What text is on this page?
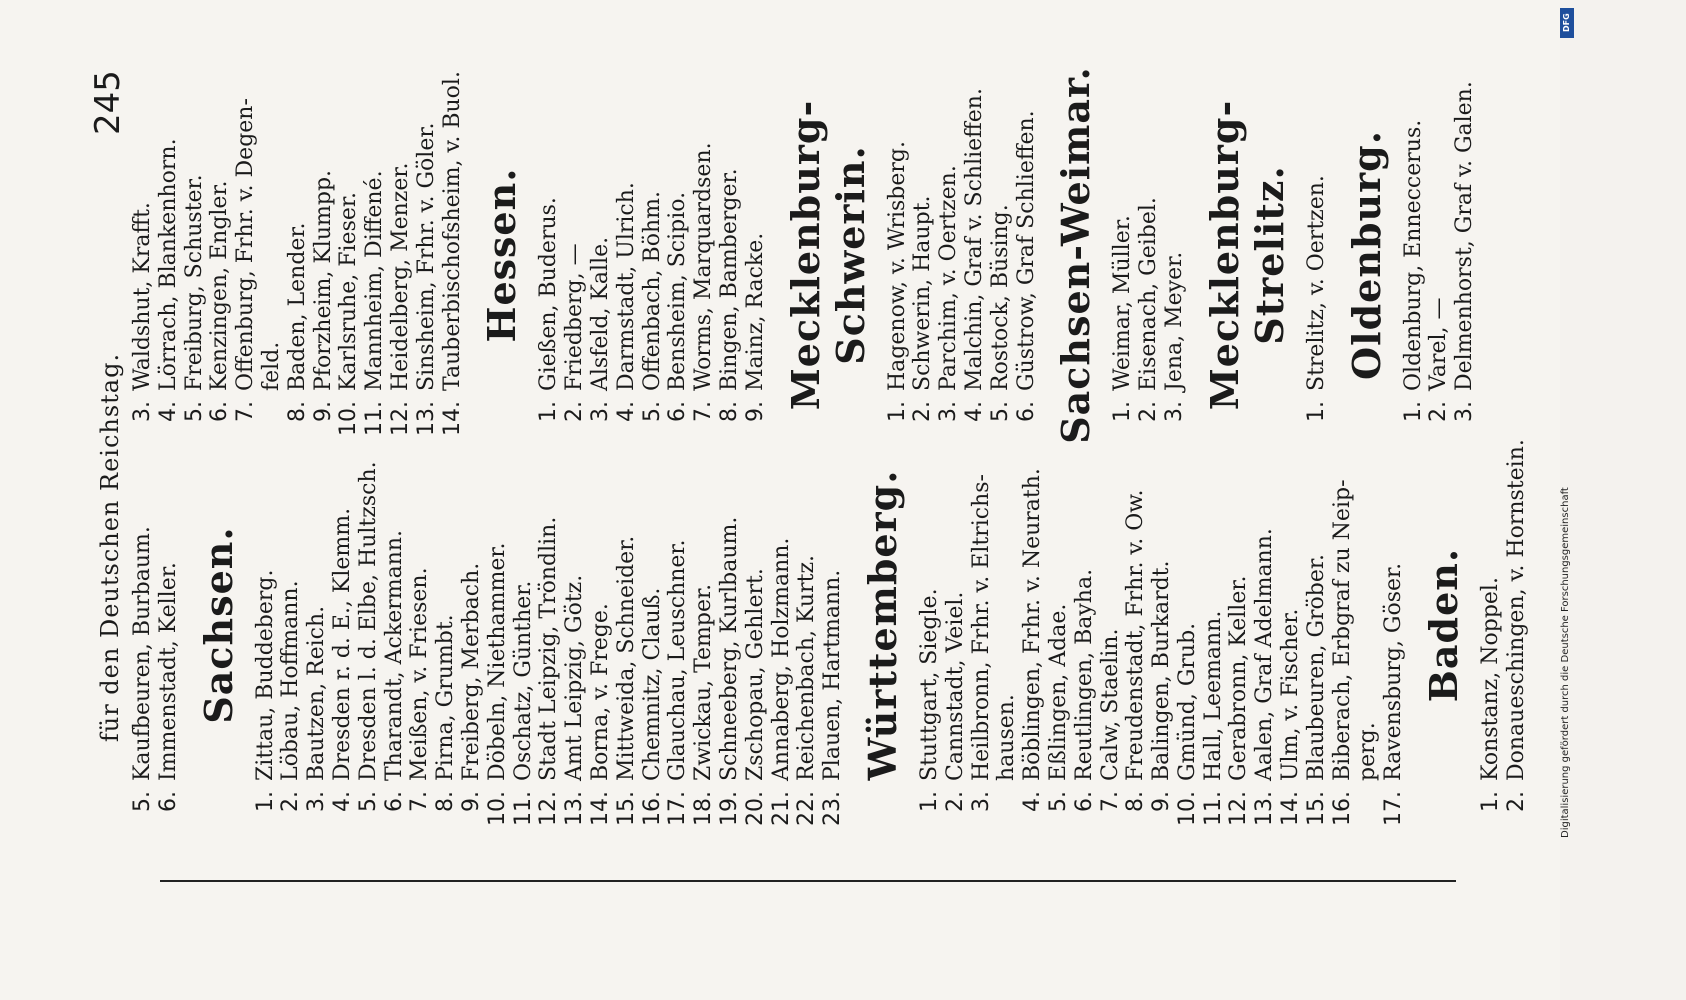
für den Deutschen Reichstag.
245
5.
Kaufbeuren, Burbaum.
6.
Immenstadt, Keller. Sachsen.
1.
Zittau, Buddeberg.
2.
Löbau, Hoffmann.
3.
Bautzen, Reich.
4.
Dresden r. d. E., Klemm.
5.
Dresden l. d. Elbe, Hultzsch.
6.
Tharandt, Ackermann.
7.
Meißen, v. Friesen.
8.
Pirna, Grumbt.
9.
Freiberg, Merbach.
10.
Döbeln, Niethammer.
11.
Oschatz, Günther.
12.
Stadt Leipzig, Tröndlin.
13.
Amt Leipzig, Götz.
14.
Borna, v. Frege.
15.
Mittweida, Schneider.
16.
Chemnitz, Clauß.
17.
Glauchau, Leuschner.
18.
Zwickau, Temper.
19.
Schneeberg, Kurlbaum.
20.
Zschopau, Gehlert.
21.
Annaberg, Holzmann.
22.
Reichenbach, Kurtz.
23.
Plauen, Hartmann. Württemberg.
1.
Stuttgart, Siegle.
2.
Cannstadt, Veiel.
3.
Heilbronn, Frhr. v. Eltrichs- hausen.
4.
Böblingen, Frhr. v. Neurath.
5.
Eßlingen, Adae.
6.
Reutlingen, Bayha.
7.
Calw, Staelin.
8.
Freudenstadt, Frhr. v. Ow.
9.
Balingen, Burkardt.
10.
Gmünd, Grub.
11.
Hall, Leemann.
12.
Gerabronn, Keller.
13.
Aalen, Graf Adelmann.
14.
Ulm, v. Fischer.
15.
Blaubeuren, Gröber.
16.
Biberach, Erbgraf zu Neip- perg.
17.
Ravensburg, Göser. Baden.
1.
Konstanz, Noppel.
2.
Donaueschingen, v. Hornstein.
3.
Waldshut, Krafft.
4.
Lörrach, Blankenhorn.
5.
Freiburg, Schuster.
6.
Kenzingen, Engler.
7.
Offenburg, Frhr. v. Degen- feld.
8.
Baden, Lender.
9.
Pforzheim, Klumpp.
10.
Karlsruhe, Fieser.
11.
Mannheim, Diffené.
12.
Heidelberg, Menzer.
13.
Sinsheim, Frhr. v. Göler.
14.
Tauberbischofsheim, v. Buol. Hessen.
1.
Gießen, Buderus.
2.
Friedberg, —
3.
Alsfeld, Kalle.
4.
Darmstadt, Ulrich.
5.
Offenbach, Böhm.
6.
Bensheim, Scipio.
7.
Worms, Marquardsen.
8.
Bingen, Bamberger.
9.
Mainz, Racke. Mecklenburg-Schwerin.
1.
Hagenow, v. Wrisberg.
2.
Schwerin, Haupt.
3.
Parchim, v. Oertzen.
4.
Malchin, Graf v. Schlieffen.
5.
Rostock, Büsing.
6.
Güstrow, Graf Schlieffen. Sachsen-Weimar. 1.
Weimar, Müller.
2.
Eisenach, Geibel.
3.
Jena, Meyer. Mecklenburg-Strelitz.
1.
Strelitz, v. Oertzen. Oldenburg.
1.
Oldenburg, Enneccerus.
2.
Varel, —
3.
Delmenhorst, Graf v. Galen.
Digitalisierung gefördert durch die Deutsche Forschungsgemeinschaft
DFG
